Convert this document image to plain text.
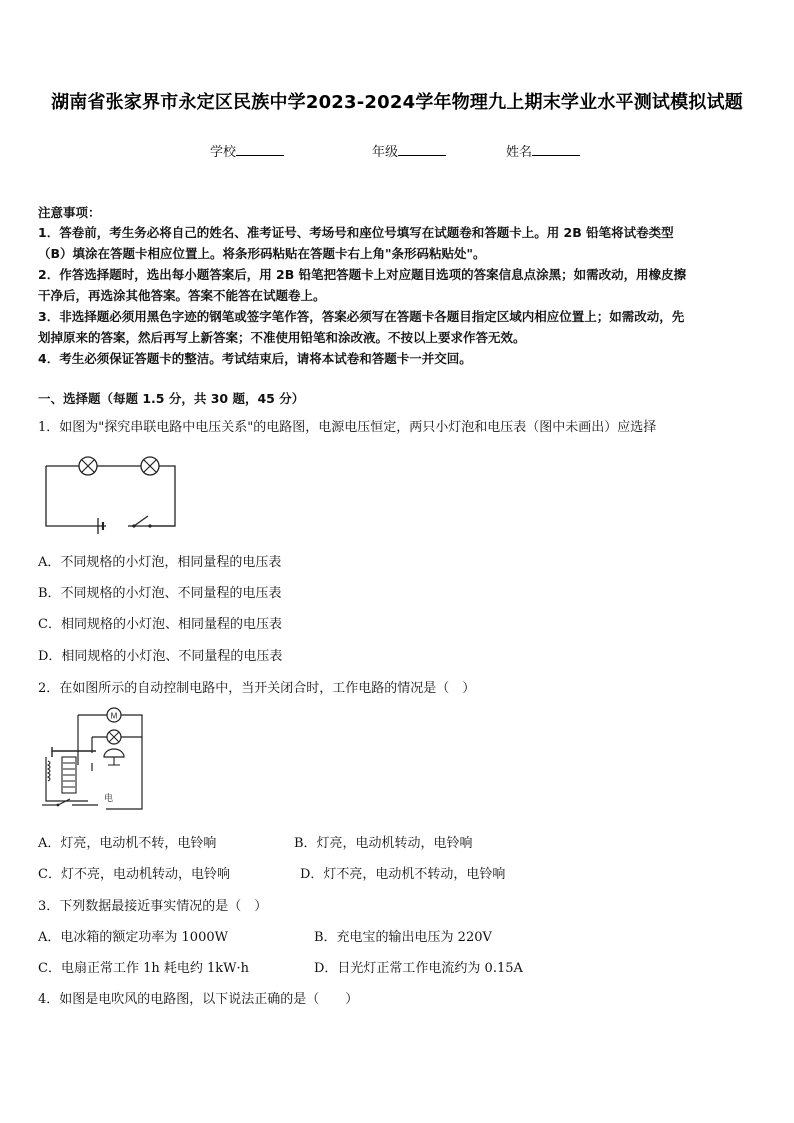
湖南省张家界市永定区民族中学2023-2024学年物理九上期末学业水平测试模拟试题
学校	年级	姓名
注意事项：
1．答卷前，考生务必将自己的姓名、准考证号、考场号和座位号填写在试题卷和答题卡上。用 2B 铅笔将试卷类型
（B）填涂在答题卡相应位置上。将条形码粘贴在答题卡右上角"条形码粘贴处"。
2．作答选择题时，选出每小题答案后，用 2B 铅笔把答题卡上对应题目选项的答案信息点涂黑；如需改动，用橡皮擦
干净后，再选涂其他答案。答案不能答在试题卷上。
3．非选择题必须用黑色字迹的钢笔或签字笔作答，答案必须写在答题卡各题目指定区域内相应位置上；如需改动，先
划掉原来的答案，然后再写上新答案；不准使用铅笔和涂改液。不按以上要求作答无效。
4．考生必须保证答题卡的整洁。考试结束后，请将本试卷和答题卡一并交回。
一、选择题（每题 1.5 分，共 30 题，45 分）
1．如图为"探究串联电路中电压关系"的电路图，电源电压恒定，两只小灯泡和电压表（图中未画出）应选择
A．不同规格的小灯泡，相同量程的电压表
B．不同规格的小灯泡、不同量程的电压表
C．相同规格的小灯泡、相同量程的电压表
D．相同规格的小灯泡、不同量程的电压表
2．在如图所示的自动控制电路中，当开关闭合时，工作电路的情况是（　）
M
电
A．灯亮，电动机不转，电铃响	B．灯亮，电动机转动，电铃响
C．灯不亮，电动机转动，电铃响	D．灯不亮，电动机不转动，电铃响
3．下列数据最接近事实情况的是（　）
A．电冰箱的额定功率为 1000W	B．充电宝的输出电压为 220V
C．电扇正常工作 1h 耗电约 1kW·h	D．日光灯正常工作电流约为 0.15A
4．如图是电吹风的电路图，以下说法正确的是（　　）
